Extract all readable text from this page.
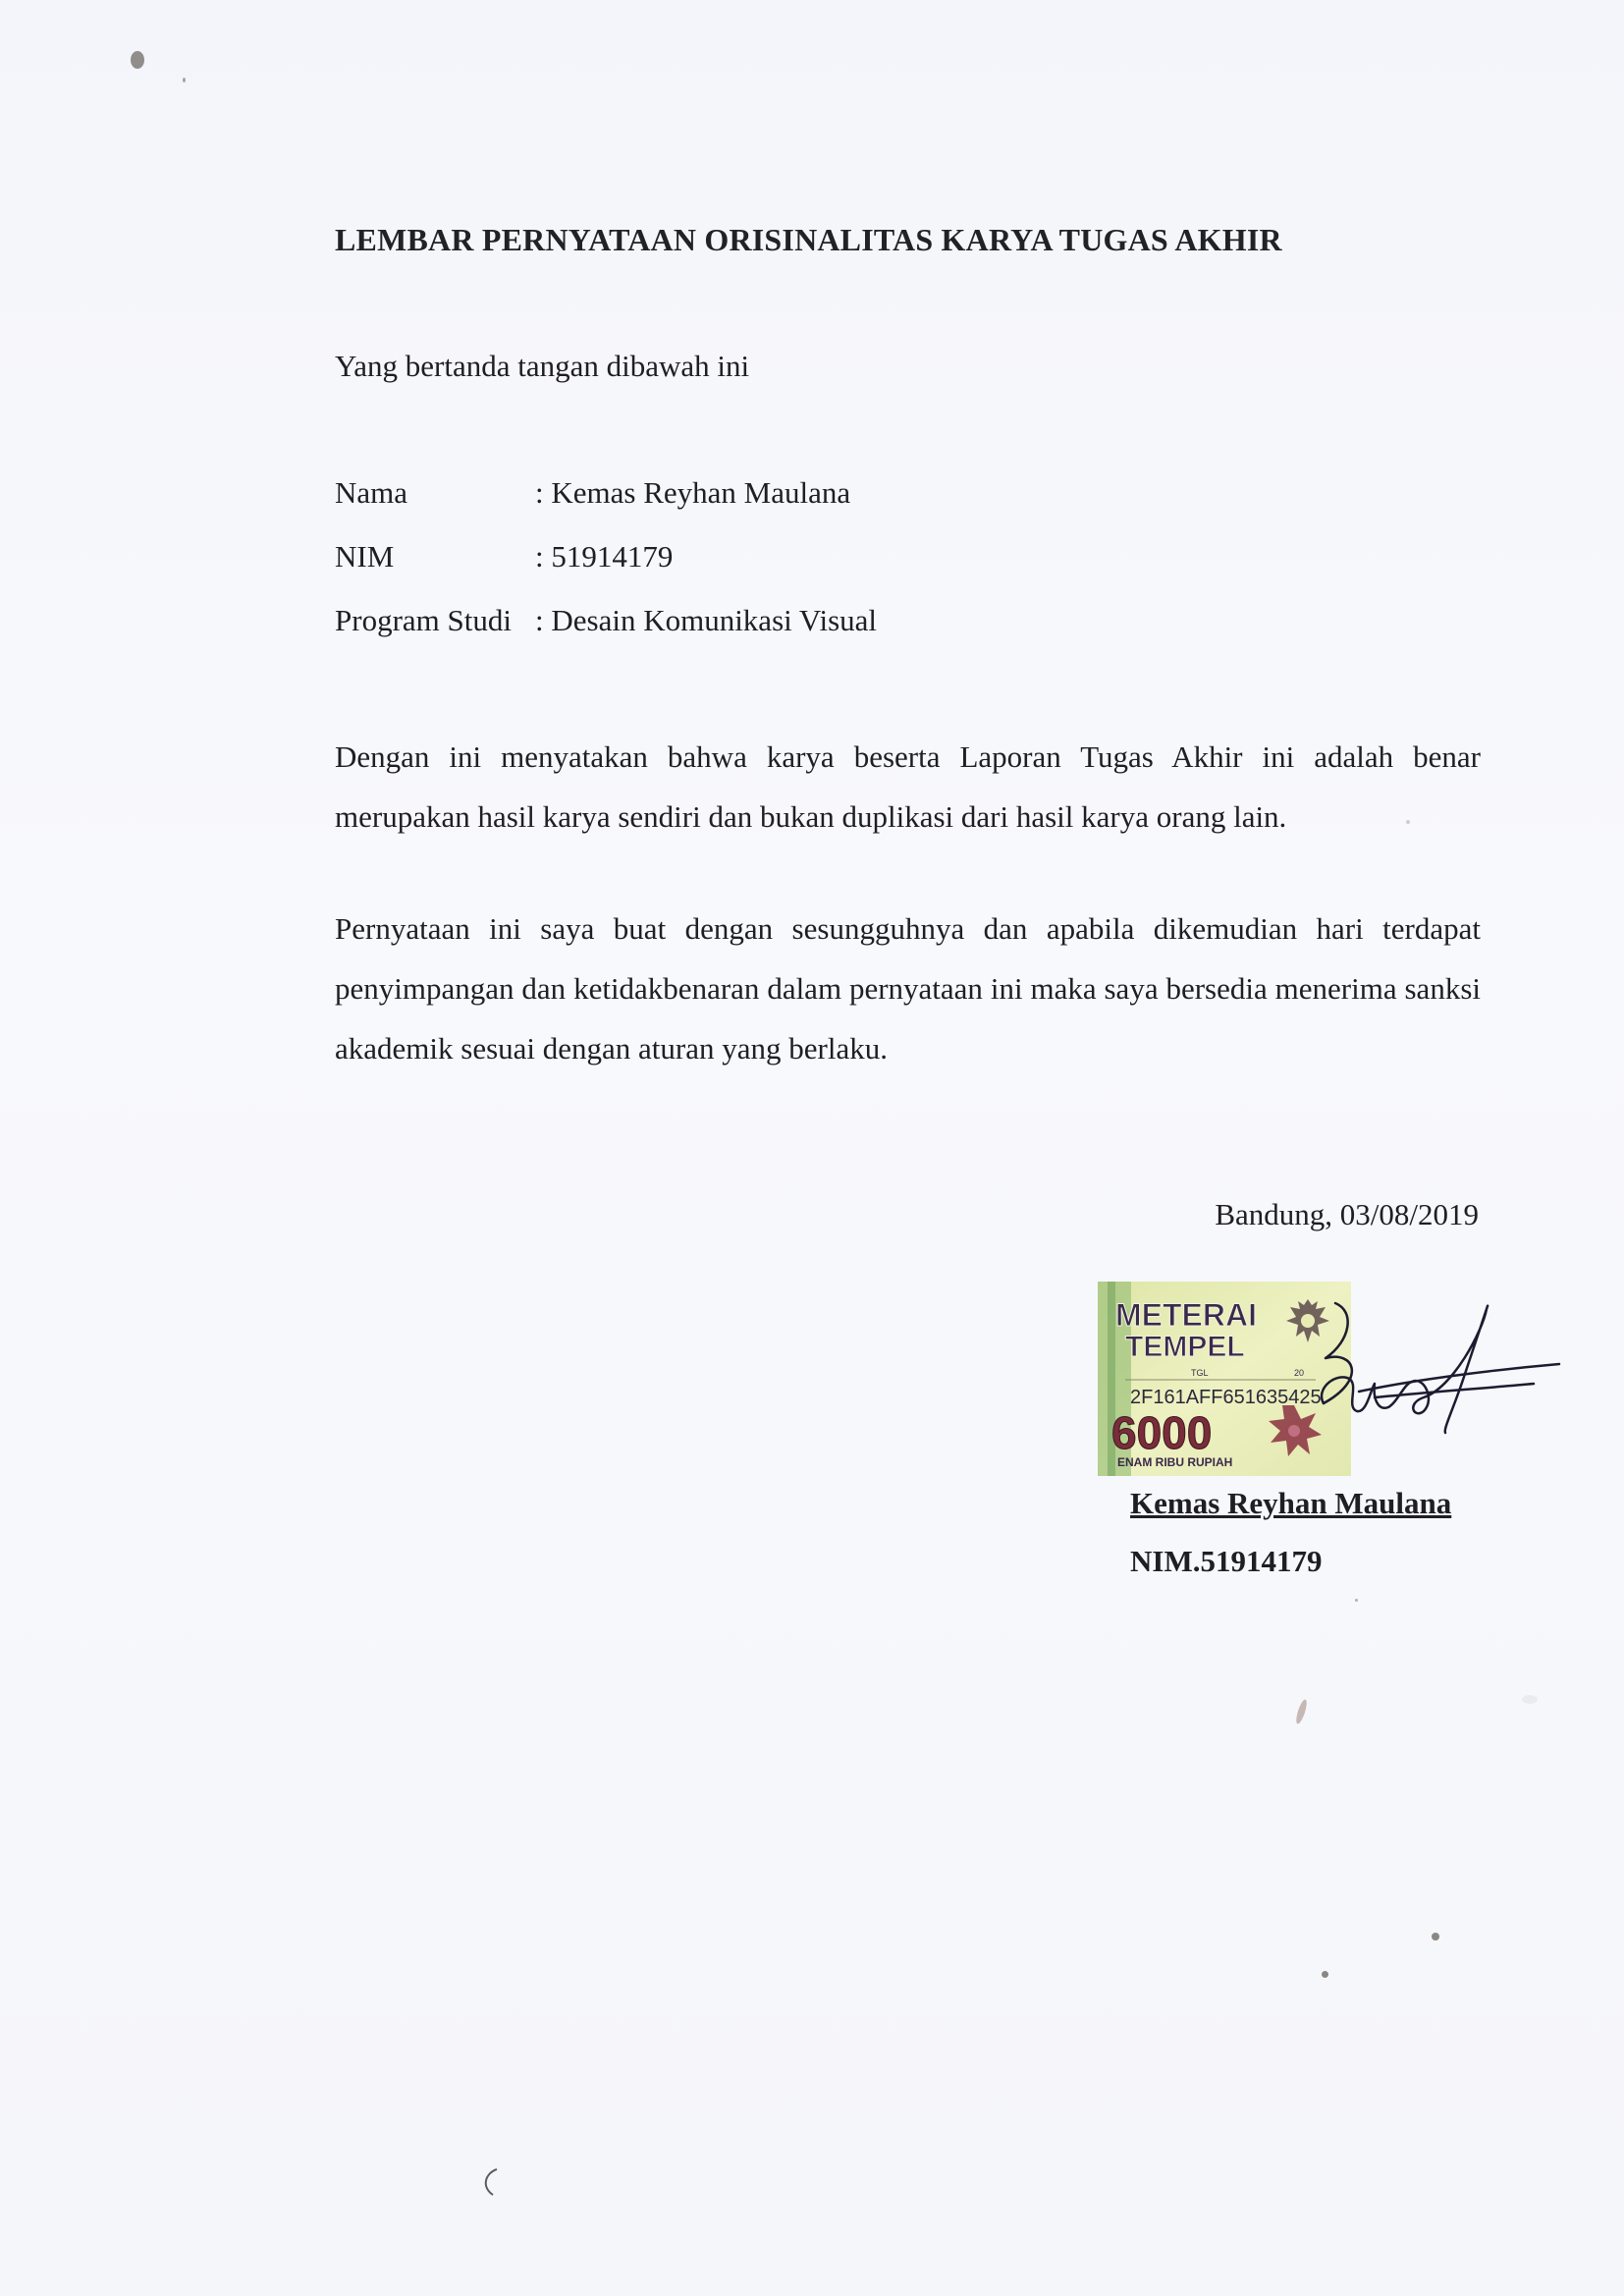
LEMBAR PERNYATAAN ORISINALITAS KARYA TUGAS AKHIR
Yang bertanda tangan dibawah ini
Nama	: Kemas Reyhan Maulana
NIM	: 51914179
Program Studi : Desain Komunikasi Visual
Dengan ini menyatakan bahwa karya beserta Laporan Tugas Akhir ini adalah benar merupakan hasil karya sendiri dan bukan duplikasi dari hasil karya orang lain.
Pernyataan ini saya buat dengan sesungguhnya dan apabila dikemudian hari terdapat penyimpangan dan ketidakbenaran dalam pernyataan ini maka saya bersedia menerima sanksi akademik sesuai dengan aturan yang berlaku.
Bandung, 03/08/2019
METERAI
TEMPEL
TGL	20
2F161AFF651635425
6000
ENAM RIBU RUPIAH
Kemas Reyhan Maulana
NIM.51914179
